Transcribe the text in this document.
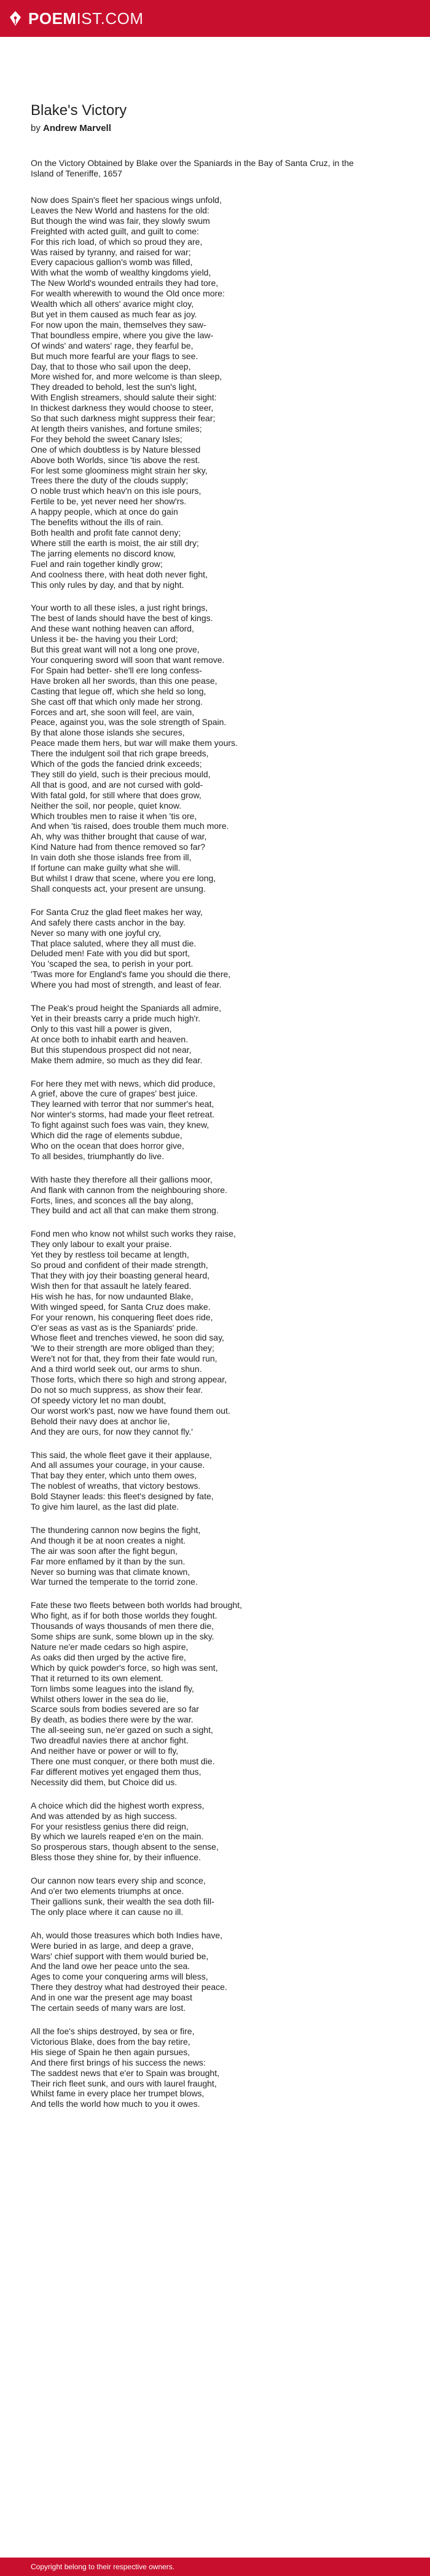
POEM IST.COM
Blake's Victory
by Andrew Marvell
On the Victory Obtained by Blake over the Spaniards in the Bay of Santa Cruz, in the Island of Teneriffe, 1657
Now does Spain's fleet her spacious wings unfold,
Leaves the New World and hastens for the old:
But though the wind was fair, they slowly swum
Freighted with acted guilt, and guilt to come:
For this rich load, of which so proud they are,
Was raised by tyranny, and raised for war;
Every capacious gallion's womb was filled,
With what the womb of wealthy kingdoms yield,
The New World's wounded entrails they had tore,
For wealth wherewith to wound the Old once more:
Wealth which all others' avarice might cloy,
But yet in them caused as much fear as joy.
For now upon the main, themselves they saw-
That boundless empire, where you give the law-
Of winds' and waters' rage, they fearful be,
But much more fearful are your flags to see.
Day, that to those who sail upon the deep,
More wished for, and more welcome is than sleep,
They dreaded to behold, lest the sun's light,
With English streamers, should salute their sight:
In thickest darkness they would choose to steer,
So that such darkness might suppress their fear;
At length theirs vanishes, and fortune smiles;
For they behold the sweet Canary Isles;
One of which doubtless is by Nature blessed
Above both Worlds, since 'tis above the rest.
For lest some gloominess might strain her sky,
Trees there the duty of the clouds supply;
O noble trust which heav'n on this isle pours,
Fertile to be, yet never need her show'rs.
A happy people, which at once do gain
The benefits without the ills of rain.
Both health and profit fate cannot deny;
Where still the earth is moist, the air still dry;
The jarring elements no discord know,
Fuel and rain together kindly grow;
And coolness there, with heat doth never fight,
This only rules by day, and that by night.
Your worth to all these isles, a just right brings,
The best of lands should have the best of kings.
And these want nothing heaven can afford,
Unless it be- the having you their Lord;
But this great want will not a long one prove,
Your conquering sword will soon that want remove.
For Spain had better- she'll ere long confess-
Have broken all her swords, than this one pease,
Casting that legue off, which she held so long,
She cast off that which only made her strong.
Forces and art, she soon will feel, are vain,
Peace, against you, was the sole strength of Spain.
By that alone those islands she secures,
Peace made them hers, but war will make them yours.
There the indulgent soil that rich grape breeds,
Which of the gods the fancied drink exceeds;
They still do yield, such is their precious mould,
All that is good, and are not cursed with gold-
With fatal gold, for still where that does grow,
Neither the soil, nor people, quiet know.
Which troubles men to raise it when 'tis ore,
And when 'tis raised, does trouble them much more.
Ah, why was thither brought that cause of war,
Kind Nature had from thence removed so far?
In vain doth she those islands free from ill,
If fortune can make guilty what she will.
But whilst I draw that scene, where you ere long,
Shall conquests act, your present are unsung.
For Santa Cruz the glad fleet makes her way,
And safely there casts anchor in the bay.
Never so many with one joyful cry,
That place saluted, where they all must die.
Deluded men! Fate with you did but sport,
You 'scaped the sea, to perish in your port.
'Twas more for England's fame you should die there,
Where you had most of strength, and least of fear.
The Peak's proud height the Spaniards all admire,
Yet in their breasts carry a pride much high'r.
Only to this vast hill a power is given,
At once both to inhabit earth and heaven.
But this stupendous prospect did not near,
Make them admire, so much as they did fear.
For here they met with news, which did produce,
A grief, above the cure of grapes' best juice.
They learned with terror that nor summer's heat,
Nor winter's storms, had made your fleet retreat.
To fight against such foes was vain, they knew,
Which did the rage of elements subdue,
Who on the ocean that does horror give,
To all besides, triumphantly do live.
With haste they therefore all their gallions moor,
And flank with cannon from the neighbouring shore.
Forts, lines, and sconces all the bay along,
They build and act all that can make them strong.
Fond men who know not whilst such works they raise,
They only labour to exalt your praise.
Yet they by restless toil became at length,
So proud and confident of their made strength,
That they with joy their boasting general heard,
Wish then for that assault he lately feared.
His wish he has, for now undaunted Blake,
With winged speed, for Santa Cruz does make.
For your renown, his conquering fleet does ride,
O'er seas as vast as is the Spaniards' pride.
Whose fleet and trenches viewed, he soon did say,
'We to their strength are more obliged than they;
Were't not for that, they from their fate would run,
And a third world seek out, our arms to shun.
Those forts, which there so high and strong appear,
Do not so much suppress, as show their fear.
Of speedy victory let no man doubt,
Our worst work's past, now we have found them out.
Behold their navy does at anchor lie,
And they are ours, for now they cannot fly.'
This said, the whole fleet gave it their applause,
And all assumes your courage, in your cause.
That bay they enter, which unto them owes,
The noblest of wreaths, that victory bestows.
Bold Stayner leads: this fleet's designed by fate,
To give him laurel, as the last did plate.
The thundering cannon now begins the fight,
And though it be at noon creates a night.
The air was soon after the fight begun,
Far more enflamed by it than by the sun.
Never so burning was that climate known,
War turned the temperate to the torrid zone.
Fate these two fleets between both worlds had brought,
Who fight, as if for both those worlds they fought.
Thousands of ways thousands of men there die,
Some ships are sunk, some blown up in the sky.
Nature ne'er made cedars so high aspire,
As oaks did then urged by the active fire,
Which by quick powder's force, so high was sent,
That it returned to its own element.
Torn limbs some leagues into the island fly,
Whilst others lower in the sea do lie,
Scarce souls from bodies severed are so far
By death, as bodies there were by the war.
The all-seeing sun, ne'er gazed on such a sight,
Two dreadful navies there at anchor fight.
And neither have or power or will to fly,
There one must conquer, or there both must die.
Far different motives yet engaged them thus,
Necessity did them, but Choice did us.
A choice which did the highest worth express,
And was attended by as high success.
For your resistless genius there did reign,
By which we laurels reaped e'en on the main.
So prosperous stars, though absent to the sense,
Bless those they shine for, by their influence.
Our cannon now tears every ship and sconce,
And o'er two elements triumphs at once.
Their gallions sunk, their wealth the sea doth fill-
The only place where it can cause no ill.
Ah, would those treasures which both Indies have,
Were buried in as large, and deep a grave,
Wars' chief support with them would buried be,
And the land owe her peace unto the sea.
Ages to come your conquering arms will bless,
There they destroy what had destroyed their peace.
And in one war the present age may boast
The certain seeds of many wars are lost.
All the foe's ships destroyed, by sea or fire,
Victorious Blake, does from the bay retire,
His siege of Spain he then again pursues,
And there first brings of his success the news:
The saddest news that e'er to Spain was brought,
Their rich fleet sunk, and ours with laurel fraught,
Whilst fame in every place her trumpet blows,
And tells the world how much to you it owes.
Copyright belong to their respective owners.
